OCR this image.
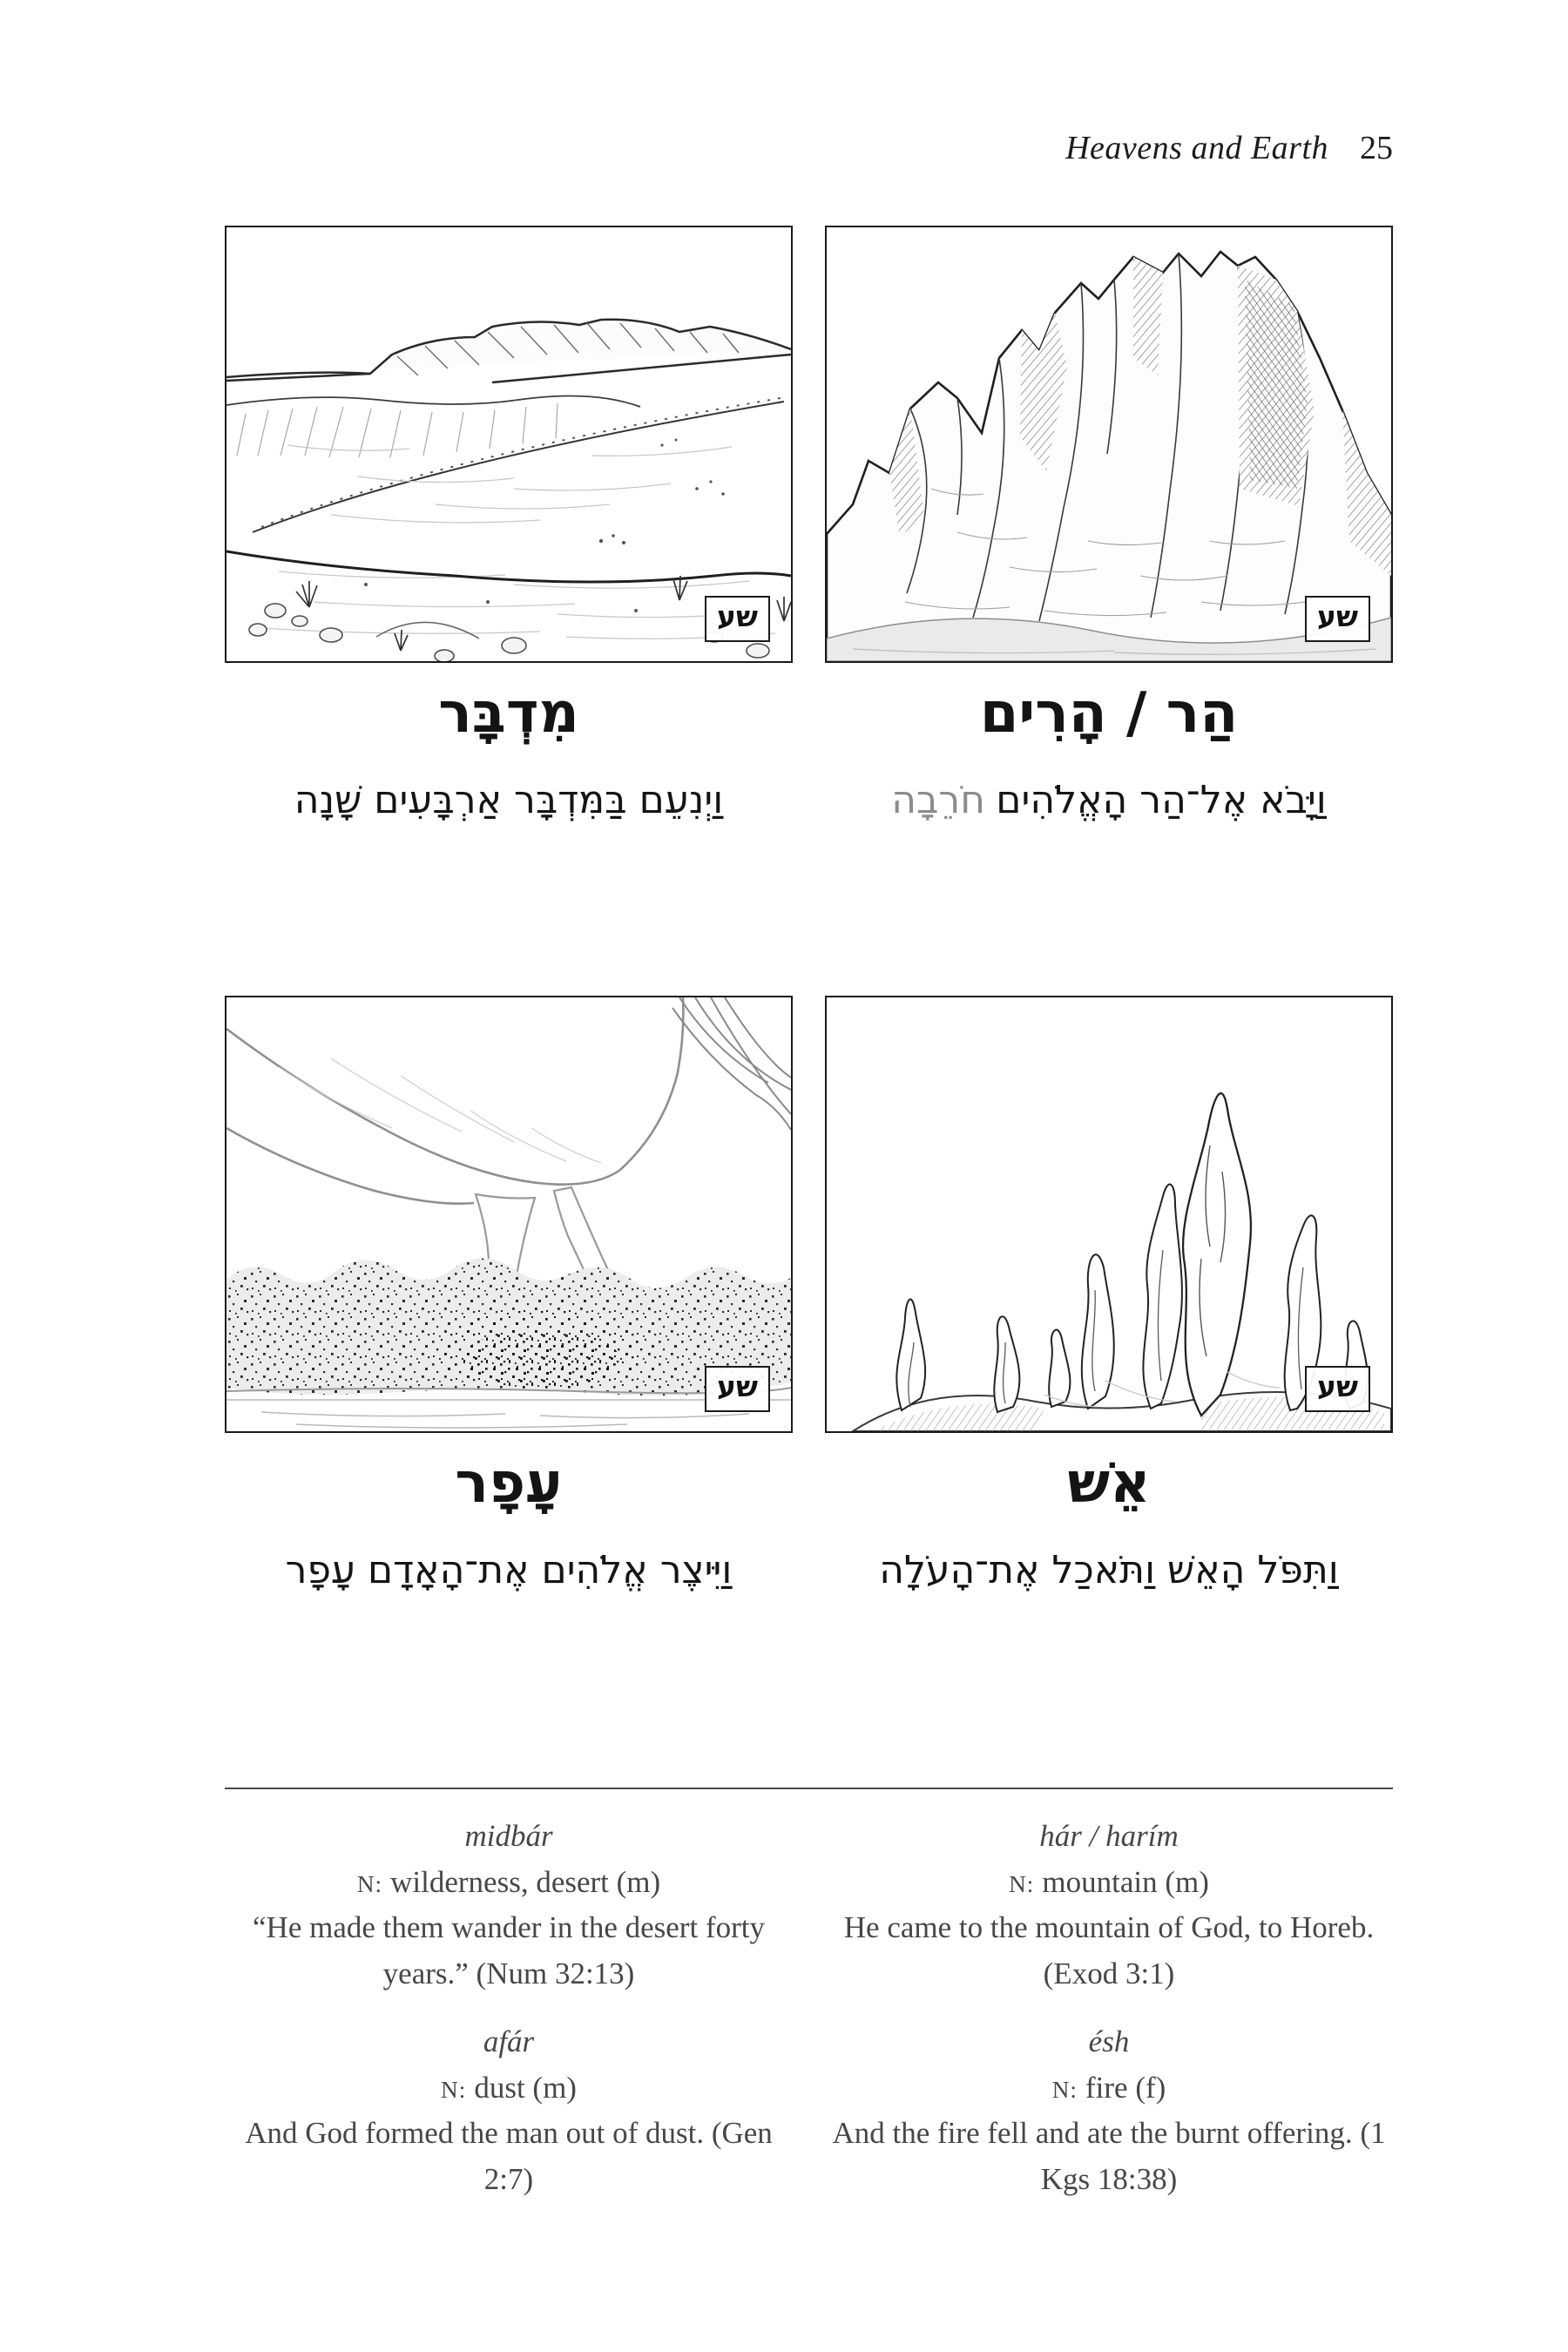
Heavens and Earth 25
שע	שע
מִדְבָּר

וַיְנִעֵם בַּמִּדְבָּר אַרְבָּעִים שָׁנָה

הַר / הָרִים

וַיָּבֹא אֶל־הַר הָאֱלֹהִיםחֹרֵבָה

שע	שע
עָפָר

וַיִּיצֶר אֱלֹהִים אֶת־הָאָדָם עָפָר

אֵשׁ

וַתִּפֹּל הָאֵשׁ וַתֹּאכַל אֶת־הָעֹלָה

midbár

N: wilderness, desert (m)

“He made them wander in the desert forty years.” (Num 32:13)

hár / harím

N: mountain (m)

He came to the mountain of God, to Horeb. (Exod 3:1)

afár

N: dust (m)

And God formed the man out of dust. (Gen 2:7)

ésh

N: fire (f)

And the fire fell and ate the burnt offering. (1 Kgs 18:38)
